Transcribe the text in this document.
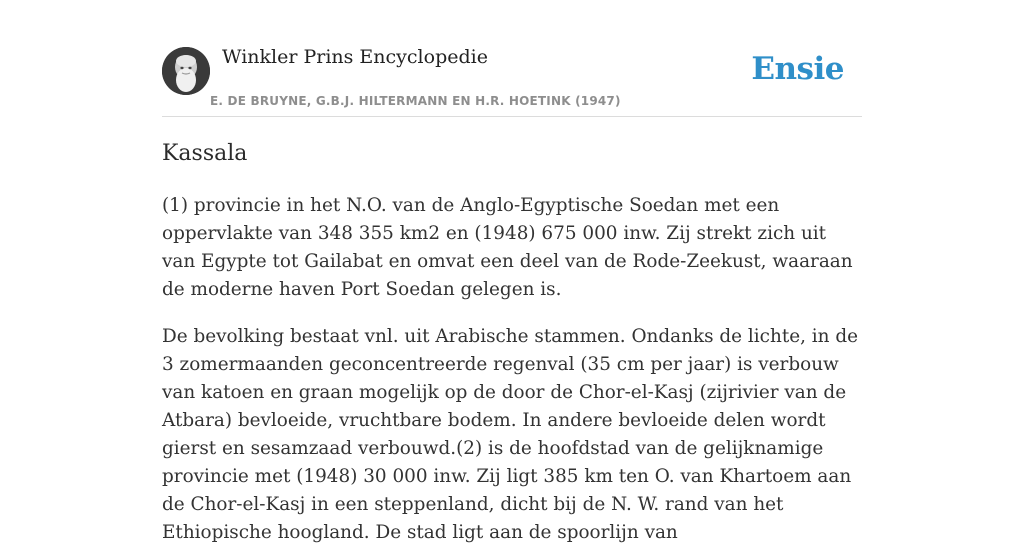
Winkler Prins Encyclopedie
E. DE BRUYNE, G.B.J. HILTERMANN EN H.R. HOETINK (1947)
Ensie
Kassala

(1) provincie in het N.O. van de Anglo-Egyptische Soedan met een oppervlakte van 348 355 km2 en (1948) 675 000 inw. Zij strekt zich uit van Egypte tot Gailabat en omvat een deel van de Rode-Zeekust, waaraan de moderne haven Port Soedan gelegen is.

De bevolking bestaat vnl. uit Arabische stammen. Ondanks de lichte, in de 3 zomermaanden geconcentreerde regenval (35 cm per jaar) is verbouw van katoen en graan mogelijk op de door de Chor-el-Kasj (zijrivier van de Atbara) bevloeide, vruchtbare bodem. In andere bevloeide delen wordt gierst en sesamzaad verbouwd.(2) is de hoofdstad van de gelijknamige provincie met (1948) 30 000 inw. Zij ligt 385 km ten O. van Khartoem aan de Chor-el-Kasj in een steppenland, dicht bij de N. W. rand van het Ethiopische hoogland. De stad ligt aan de spoorlijn van
